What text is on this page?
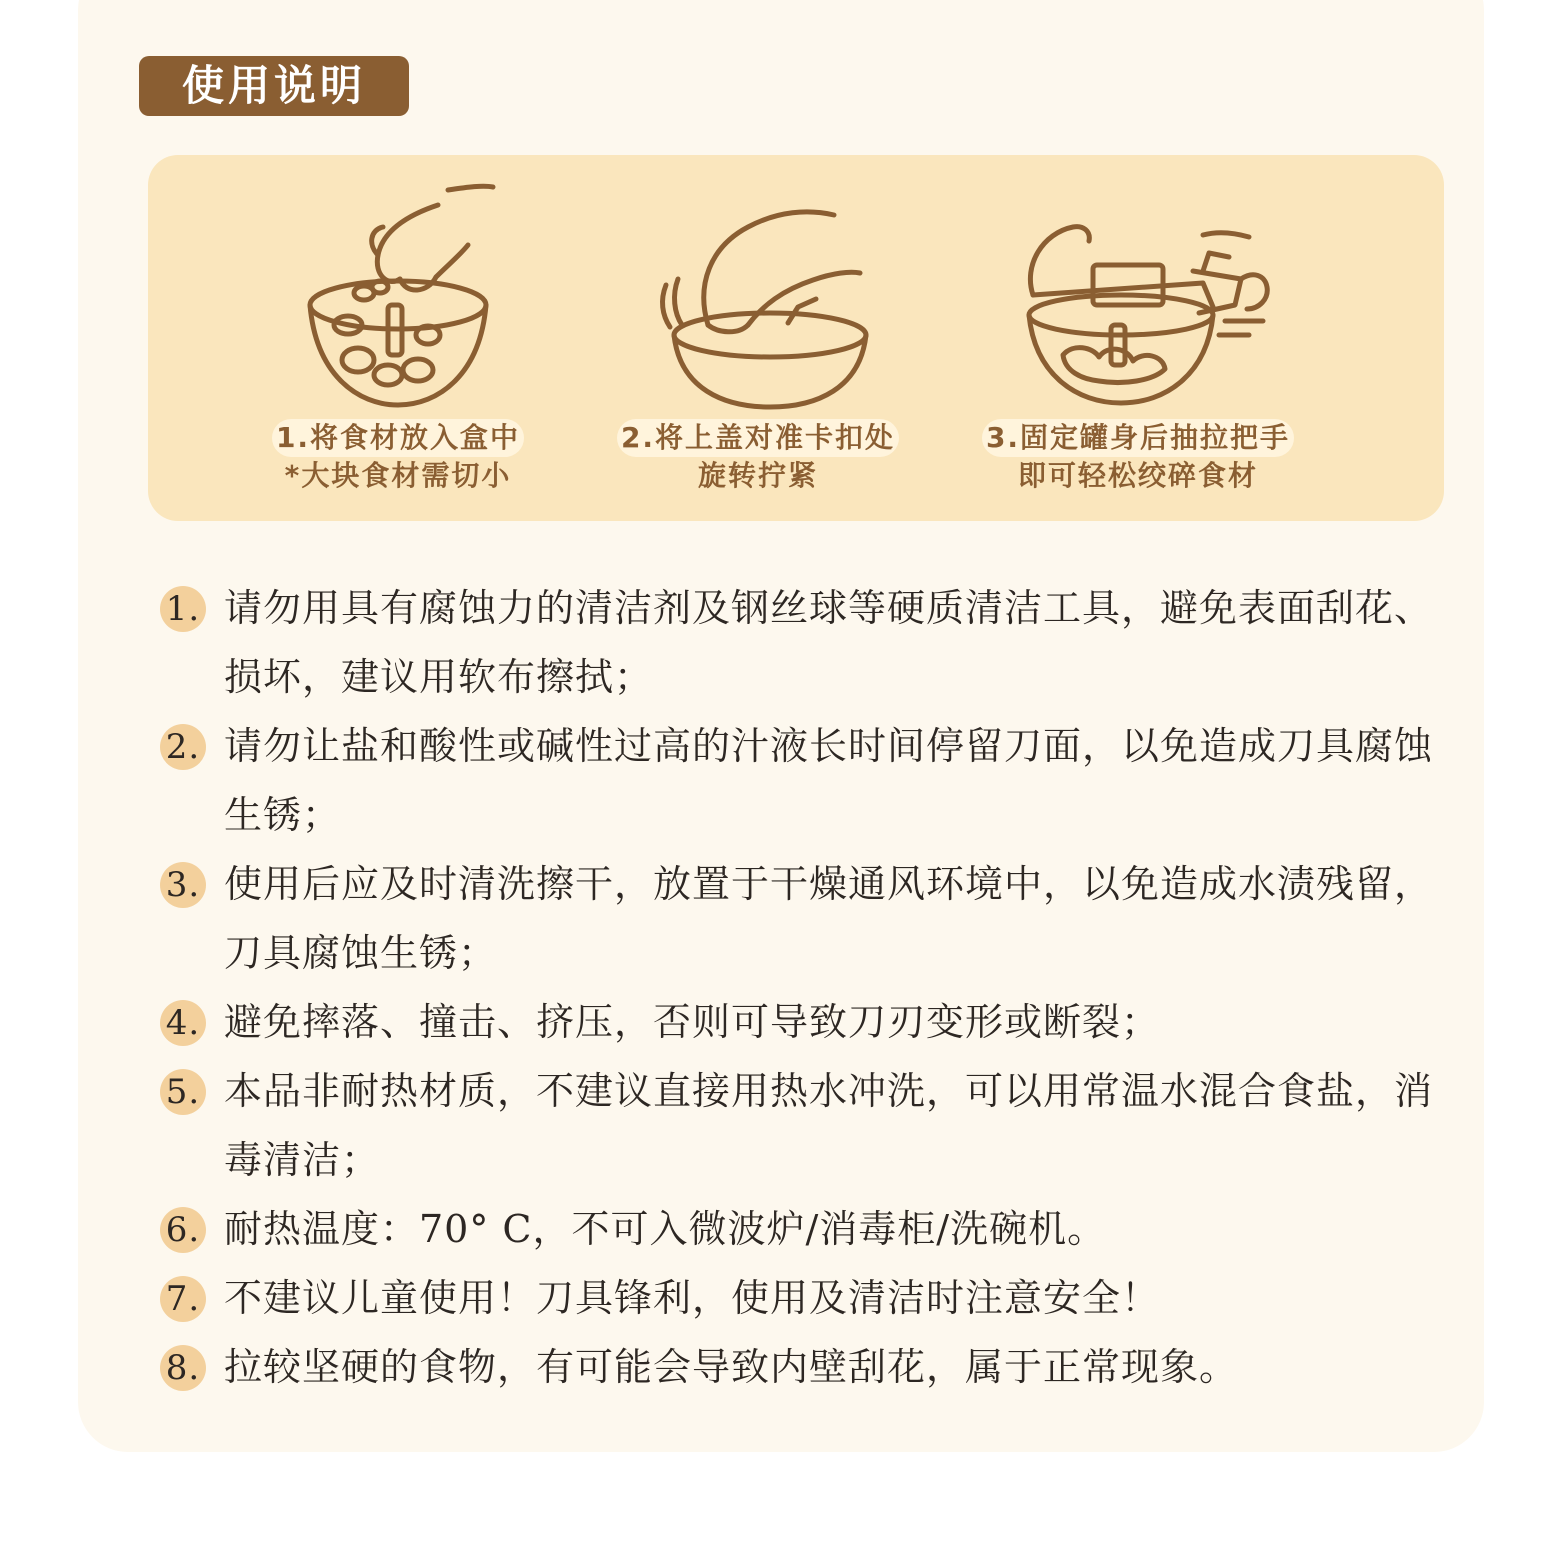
使用说明
1.将食材放入盒中
*大块食材需切小
2.将上盖对准卡扣处
旋转拧紧
3.固定罐身后抽拉把手
即可轻松绞碎食材
1. 请勿用具有腐蚀力的清洁剂及钢丝球等硬质清洁工具，避免表面刮花、损坏，建议用软布擦拭；
2. 请勿让盐和酸性或碱性过高的汁液长时间停留刀面，以免造成刀具腐蚀生锈；
3. 使用后应及时清洗擦干，放置于干燥通风环境中，以免造成水渍残留，刀具腐蚀生锈；
4. 避免摔落、撞击、挤压，否则可导致刀刃变形或断裂；
5. 本品非耐热材质，不建议直接用热水冲洗，可以用常温水混合食盐，消毒清洁；
6. 耐热温度：70° C，不可入微波炉/消毒柜/洗碗机。
7. 不建议儿童使用！刀具锋利，使用及清洁时注意安全！
8. 拉较坚硬的食物，有可能会导致内壁刮花，属于正常现象。
